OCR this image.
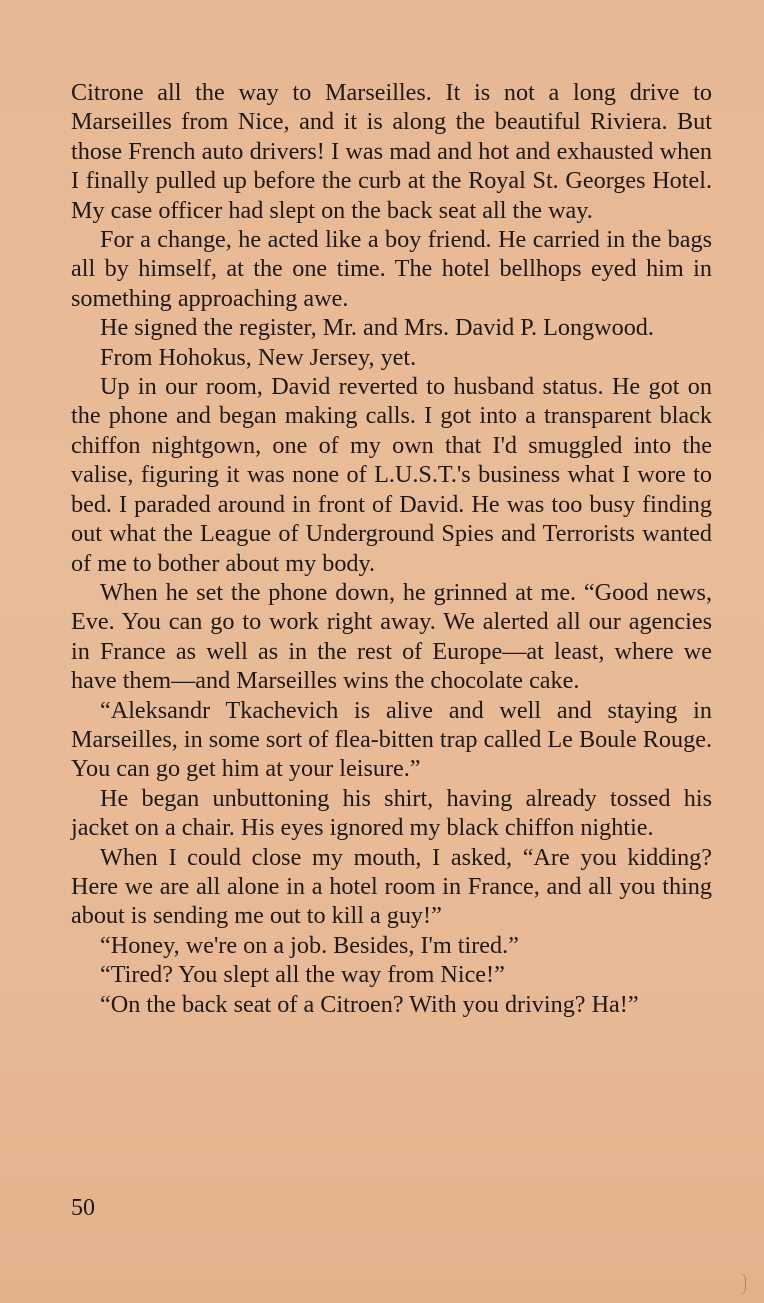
Citrone all the way to Marseilles. It is not a long drive to Marseilles from Nice, and it is along the beautiful Riviera. But those French auto drivers! I was mad and hot and exhausted when I finally pulled up before the curb at the Royal St. Georges Hotel. My case officer had slept on the back seat all the way.

For a change, he acted like a boy friend. He carried in the bags all by himself, at the one time. The hotel bellhops eyed him in something approaching awe.

He signed the register, Mr. and Mrs. David P. Longwood.

From Hohokus, New Jersey, yet.

Up in our room, David reverted to husband status. He got on the phone and began making calls. I got into a transparent black chiffon nightgown, one of my own that I'd smuggled into the valise, figuring it was none of L.U.S.T.'s business what I wore to bed. I paraded around in front of David. He was too busy finding out what the League of Underground Spies and Terrorists wanted of me to bother about my body.

When he set the phone down, he grinned at me. “Good news, Eve. You can go to work right away. We alerted all our agencies in France as well as in the rest of Europe—at least, where we have them—and Marseilles wins the chocolate cake.

“Aleksandr Tkachevich is alive and well and staying in Marseilles, in some sort of flea-bitten trap called Le Boule Rouge. You can go get him at your leisure.”

He began unbuttoning his shirt, having already tossed his jacket on a chair. His eyes ignored my black chiffon nightie.

When I could close my mouth, I asked, “Are you kidding? Here we are all alone in a hotel room in France, and all you thing about is sending me out to kill a guy!”

“Honey, we're on a job. Besides, I'm tired.”

“Tired? You slept all the way from Nice!”

“On the back seat of a Citroen? With you driving? Ha!”

50
